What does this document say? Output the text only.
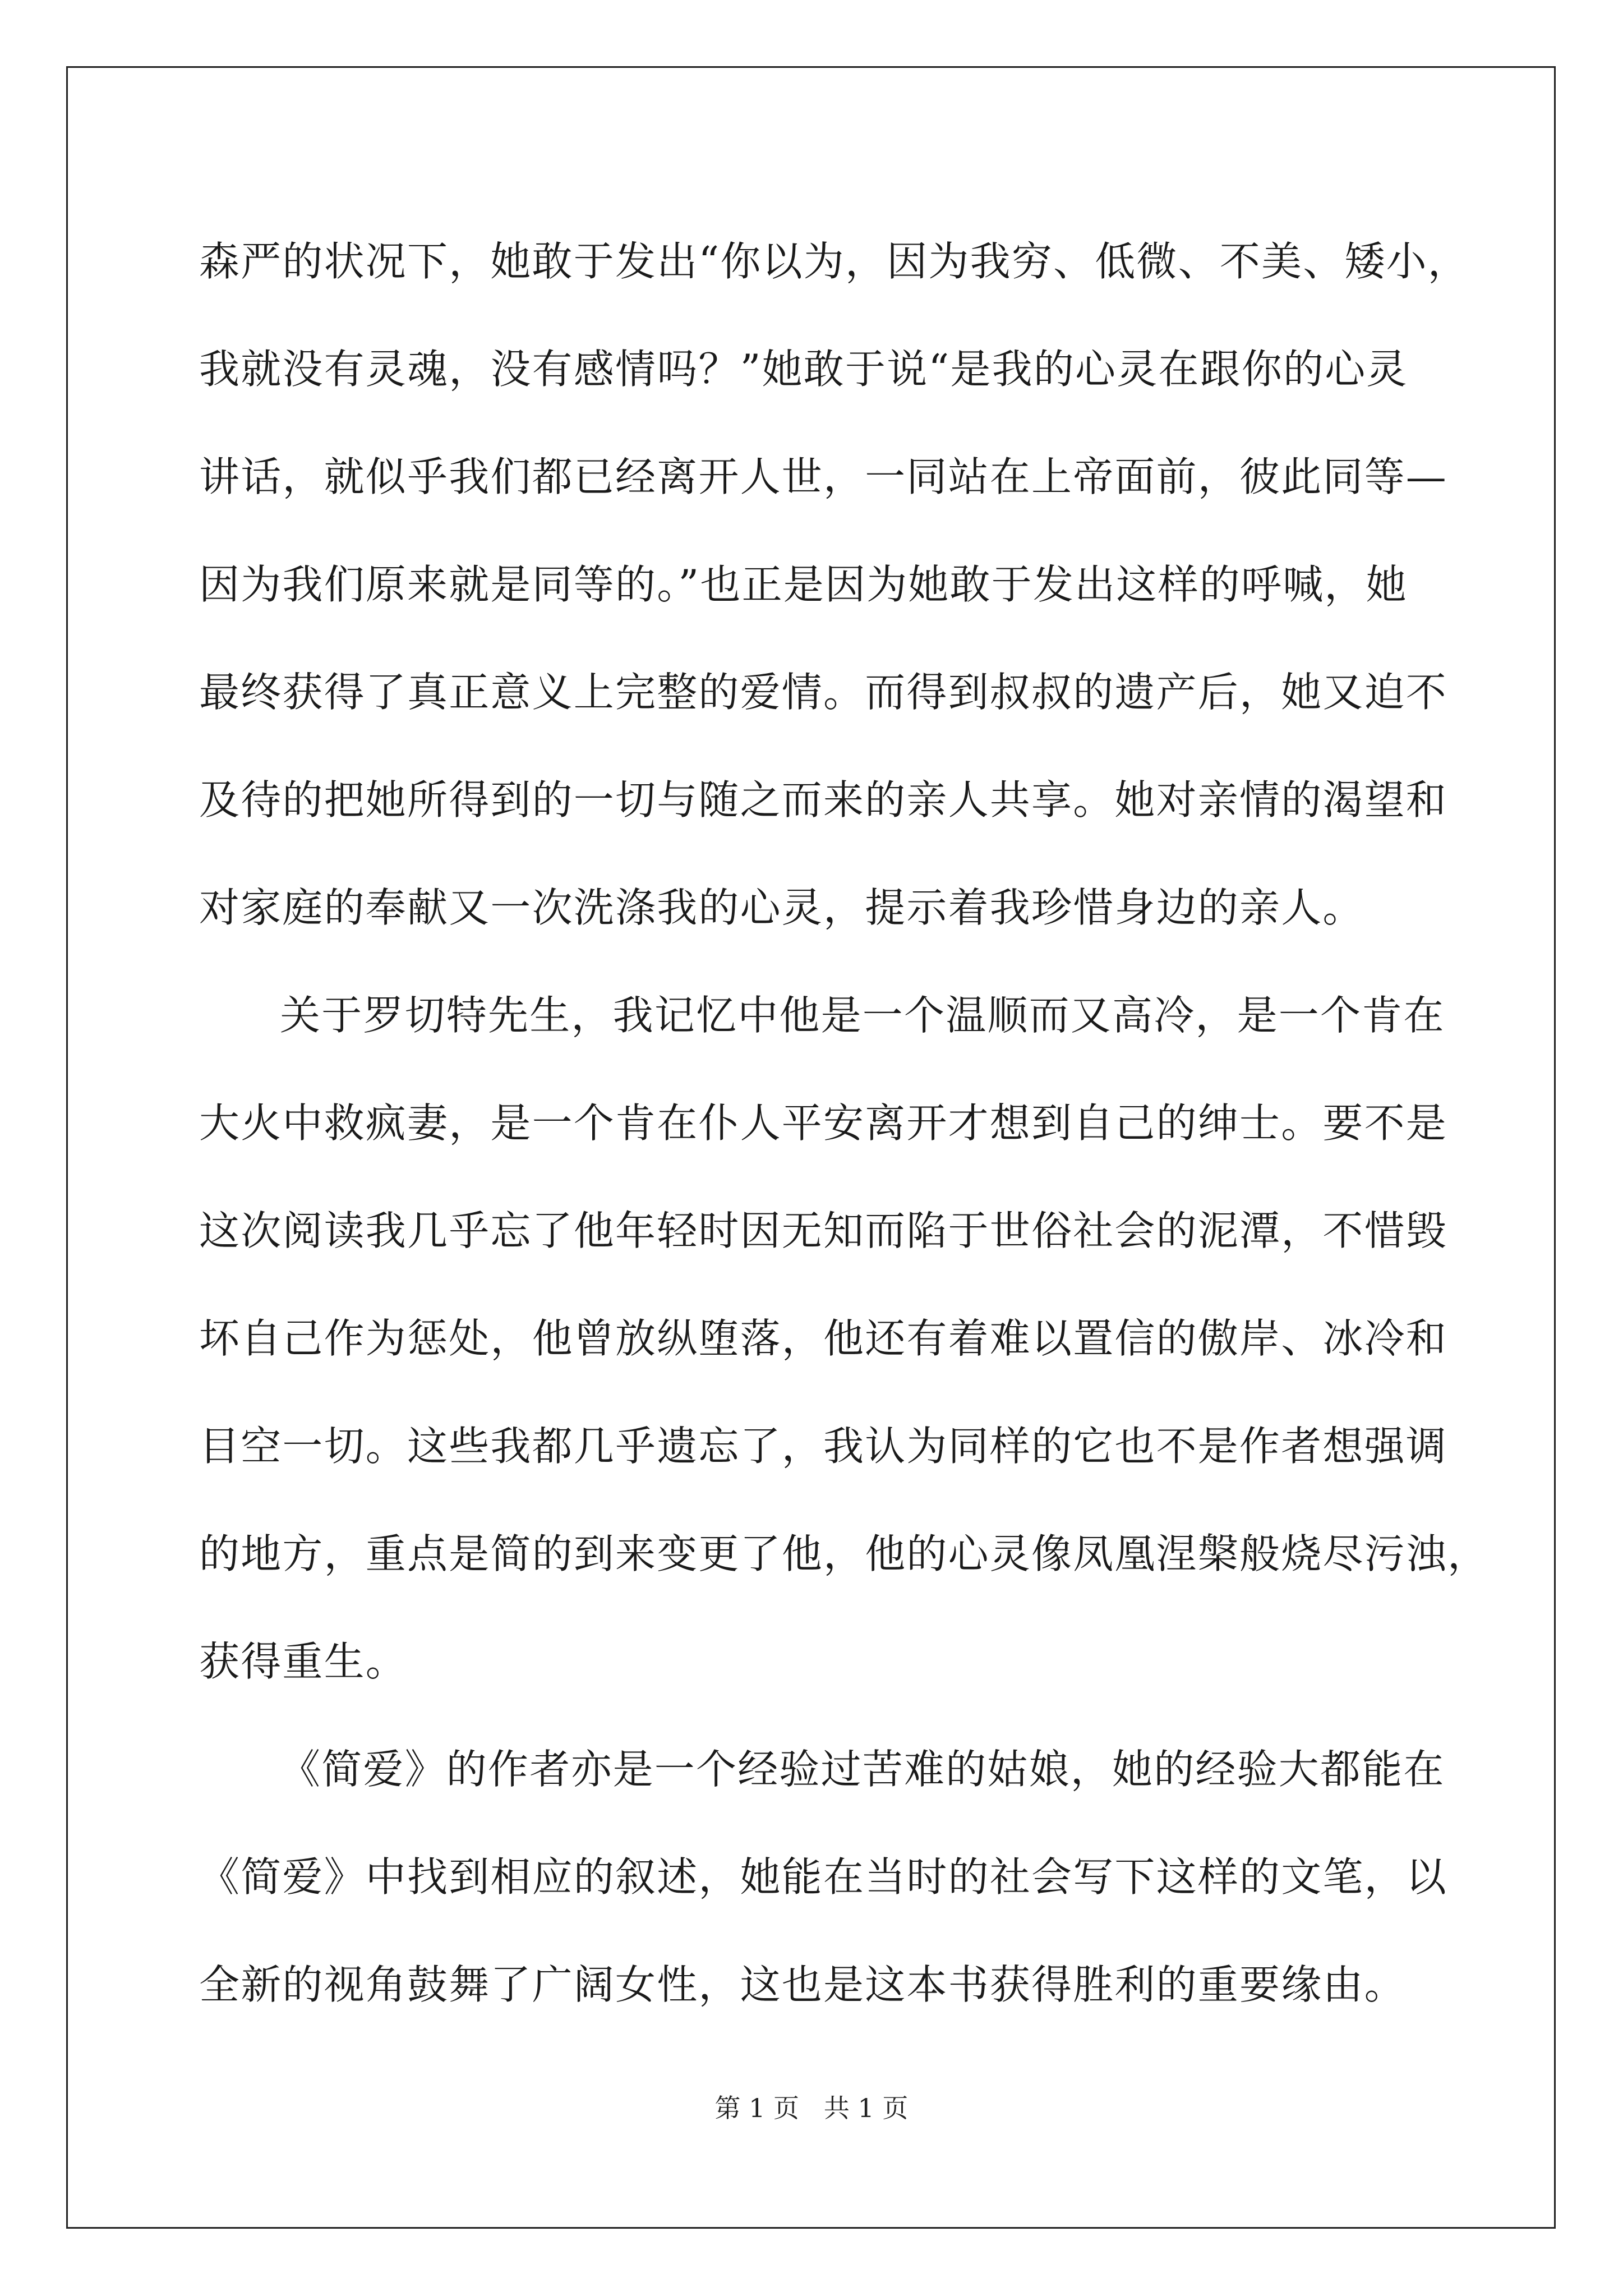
森严的状况下，她敢于发出“你以为，因为我穷、低微、不美、矮小，
我就没有灵魂，没有感情吗？”她敢于说“是我的心灵在跟你的心灵
讲话，就似乎我们都已经离开人世，一同站在上帝面前，彼此同等—
因为我们原来就是同等的。”也正是因为她敢于发出这样的呼喊，她
最终获得了真正意义上完整的爱情。而得到叔叔的遗产后，她又迫不
及待的把她所得到的一切与随之而来的亲人共享。她对亲情的渴望和
对家庭的奉献又一次洗涤我的心灵，提示着我珍惜身边的亲人。
关于罗切特先生，我记忆中他是一个温顺而又高冷，是一个肯在
大火中救疯妻，是一个肯在仆人平安离开才想到自己的绅士。要不是
这次阅读我几乎忘了他年轻时因无知而陷于世俗社会的泥潭，不惜毁
坏自己作为惩处，他曾放纵堕落，他还有着难以置信的傲岸、冰冷和
目空一切。这些我都几乎遗忘了，我认为同样的它也不是作者想强调
的地方，重点是简的到来变更了他，他的心灵像凤凰涅槃般烧尽污浊，
获得重生。
《简爱》的作者亦是一个经验过苦难的姑娘，她的经验大都能在
《简爱》中找到相应的叙述，她能在当时的社会写下这样的文笔，以
全新的视角鼓舞了广阔女性，这也是这本书获得胜利的重要缘由。
第 1 页   共 1 页
